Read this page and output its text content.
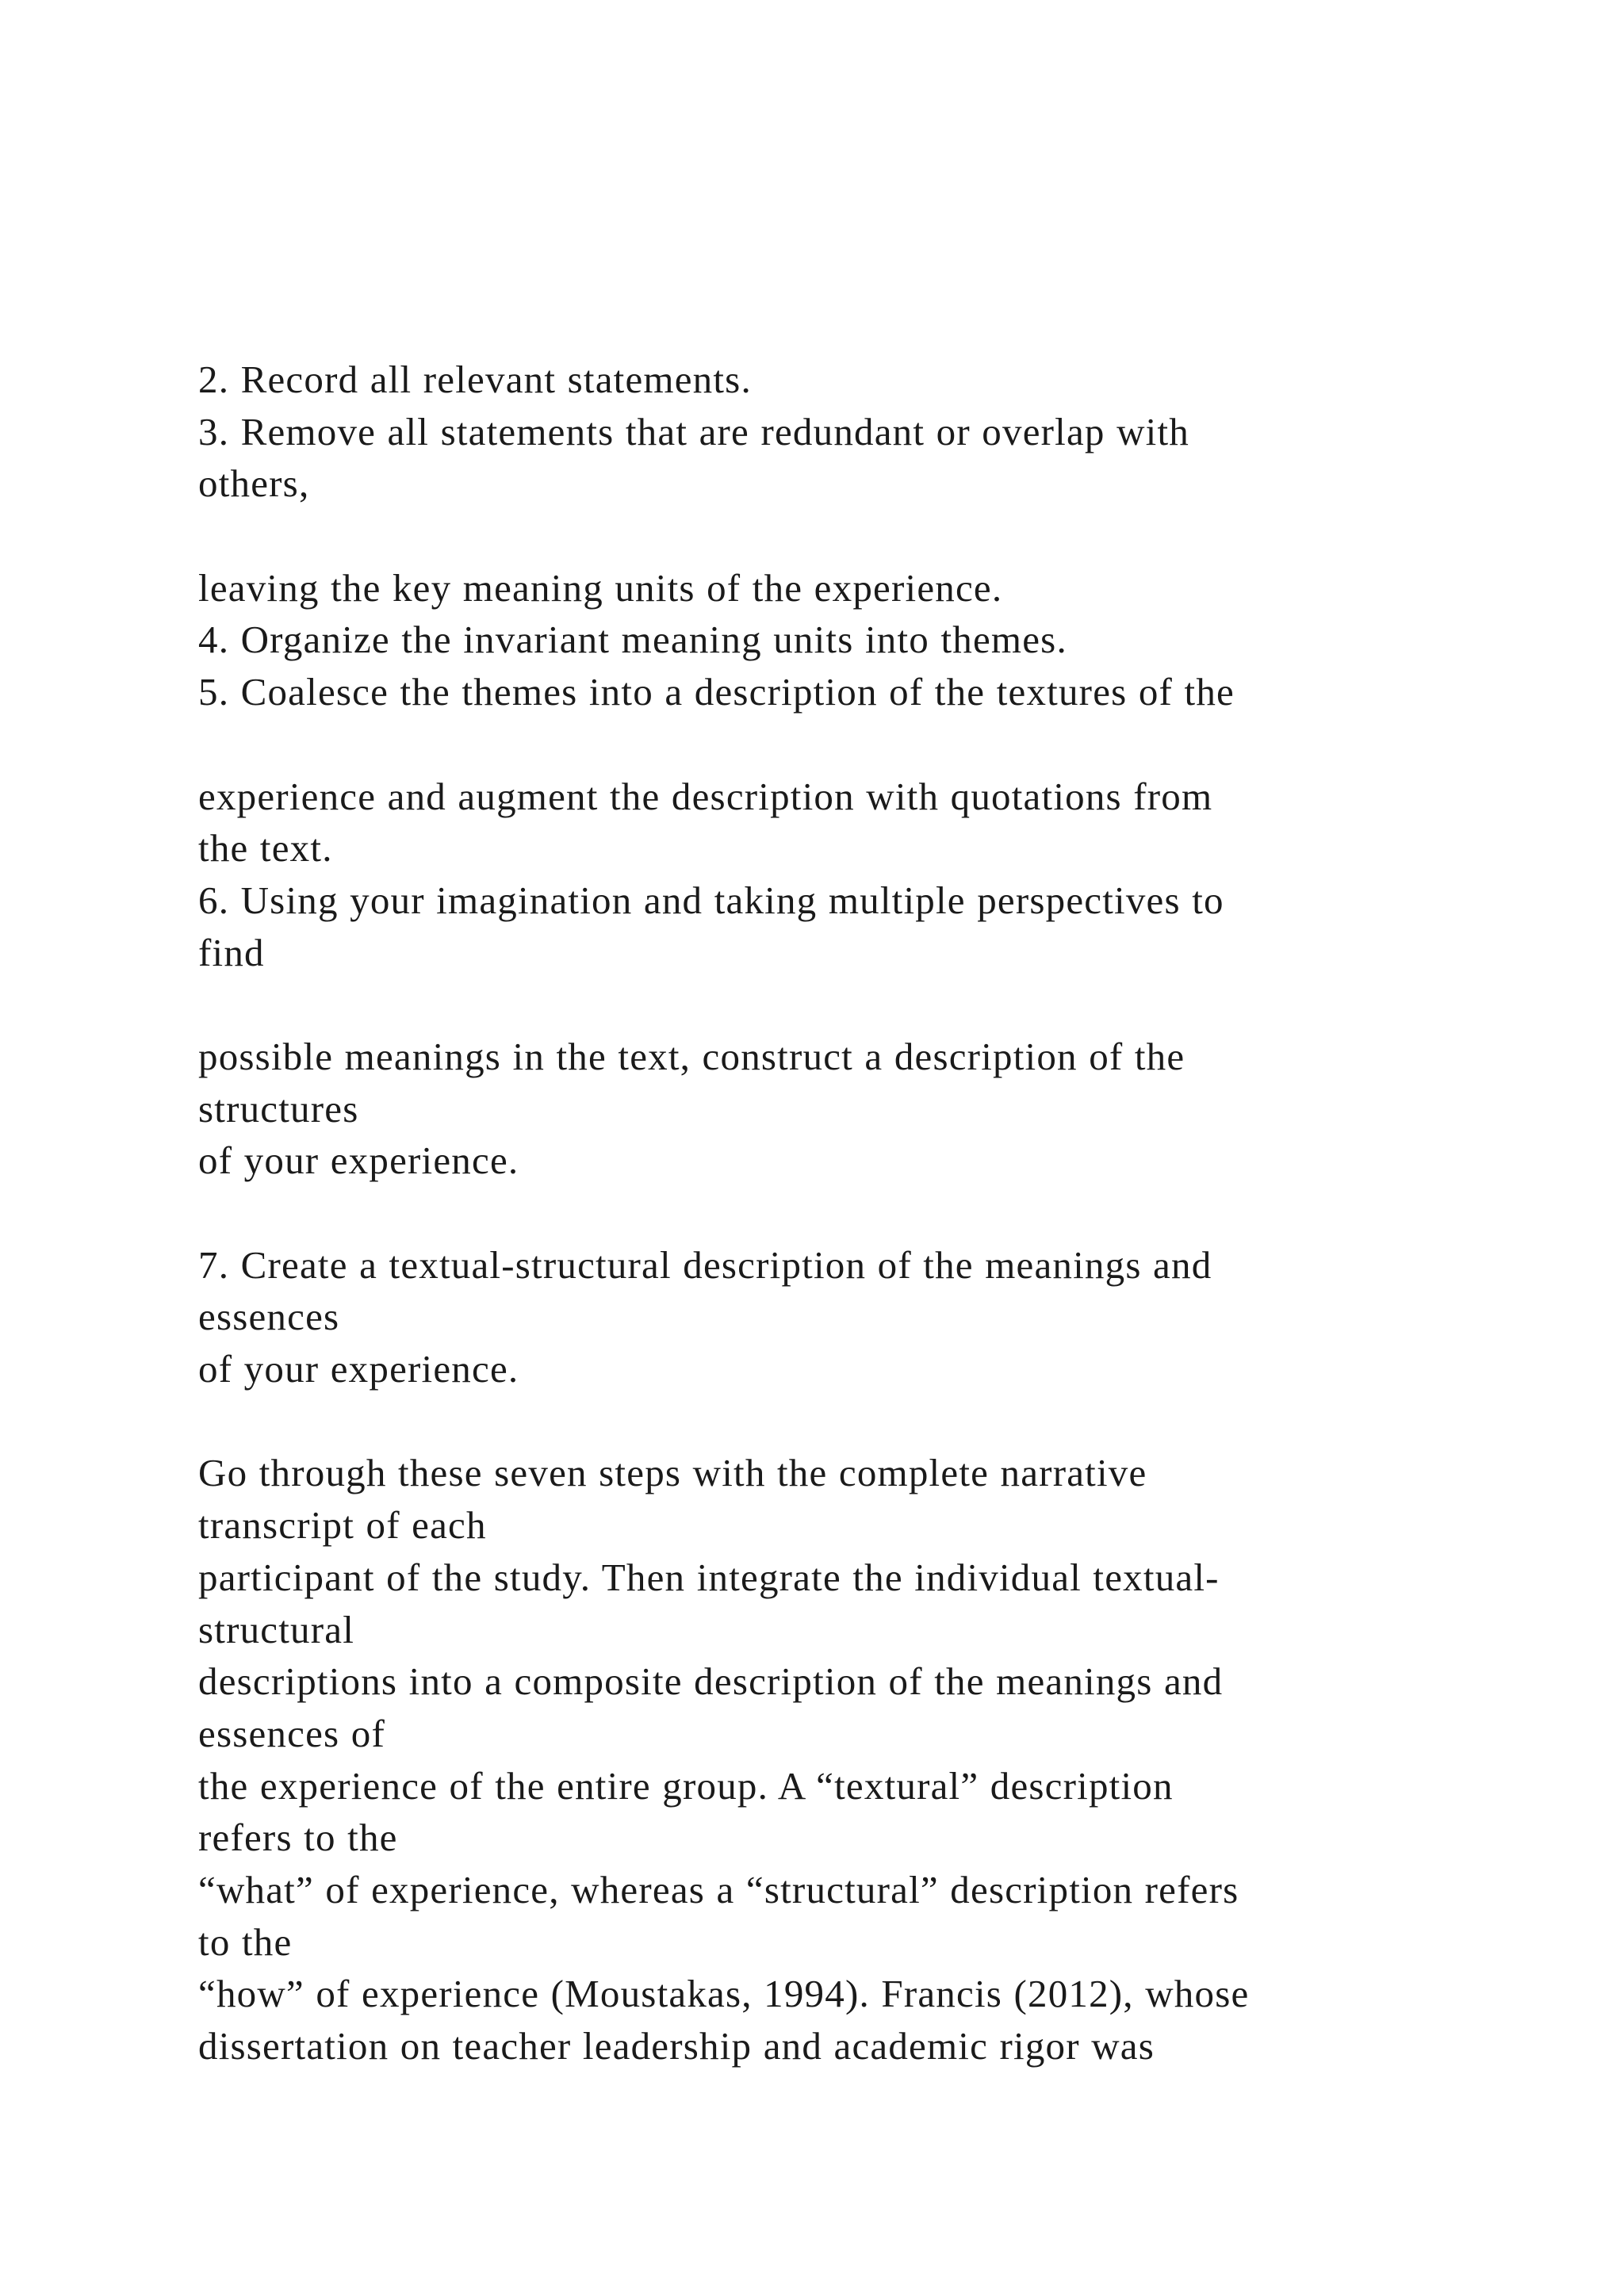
2. Record all relevant statements.
3. Remove all statements that are redundant or overlap with
others,
leaving the key meaning units of the experience.
4. Organize the invariant meaning units into themes.
5. Coalesce the themes into a description of the textures of the
experience and augment the description with quotations from
the text.
6. Using your imagination and taking multiple perspectives to
find
possible meanings in the text, construct a description of the
structures
of your experience.
7. Create a textual-structural description of the meanings and
essences
of your experience.
Go through these seven steps with the complete narrative
transcript of each
participant of the study. Then integrate the individual textual-
structural
descriptions into a composite description of the meanings and
essences of
the experience of the entire group. A “textural” description
refers to the
“what” of experience, whereas a “structural” description refers
to the
“how” of experience (Moustakas, 1994). Francis (2012), whose
dissertation on teacher leadership and academic rigor was
